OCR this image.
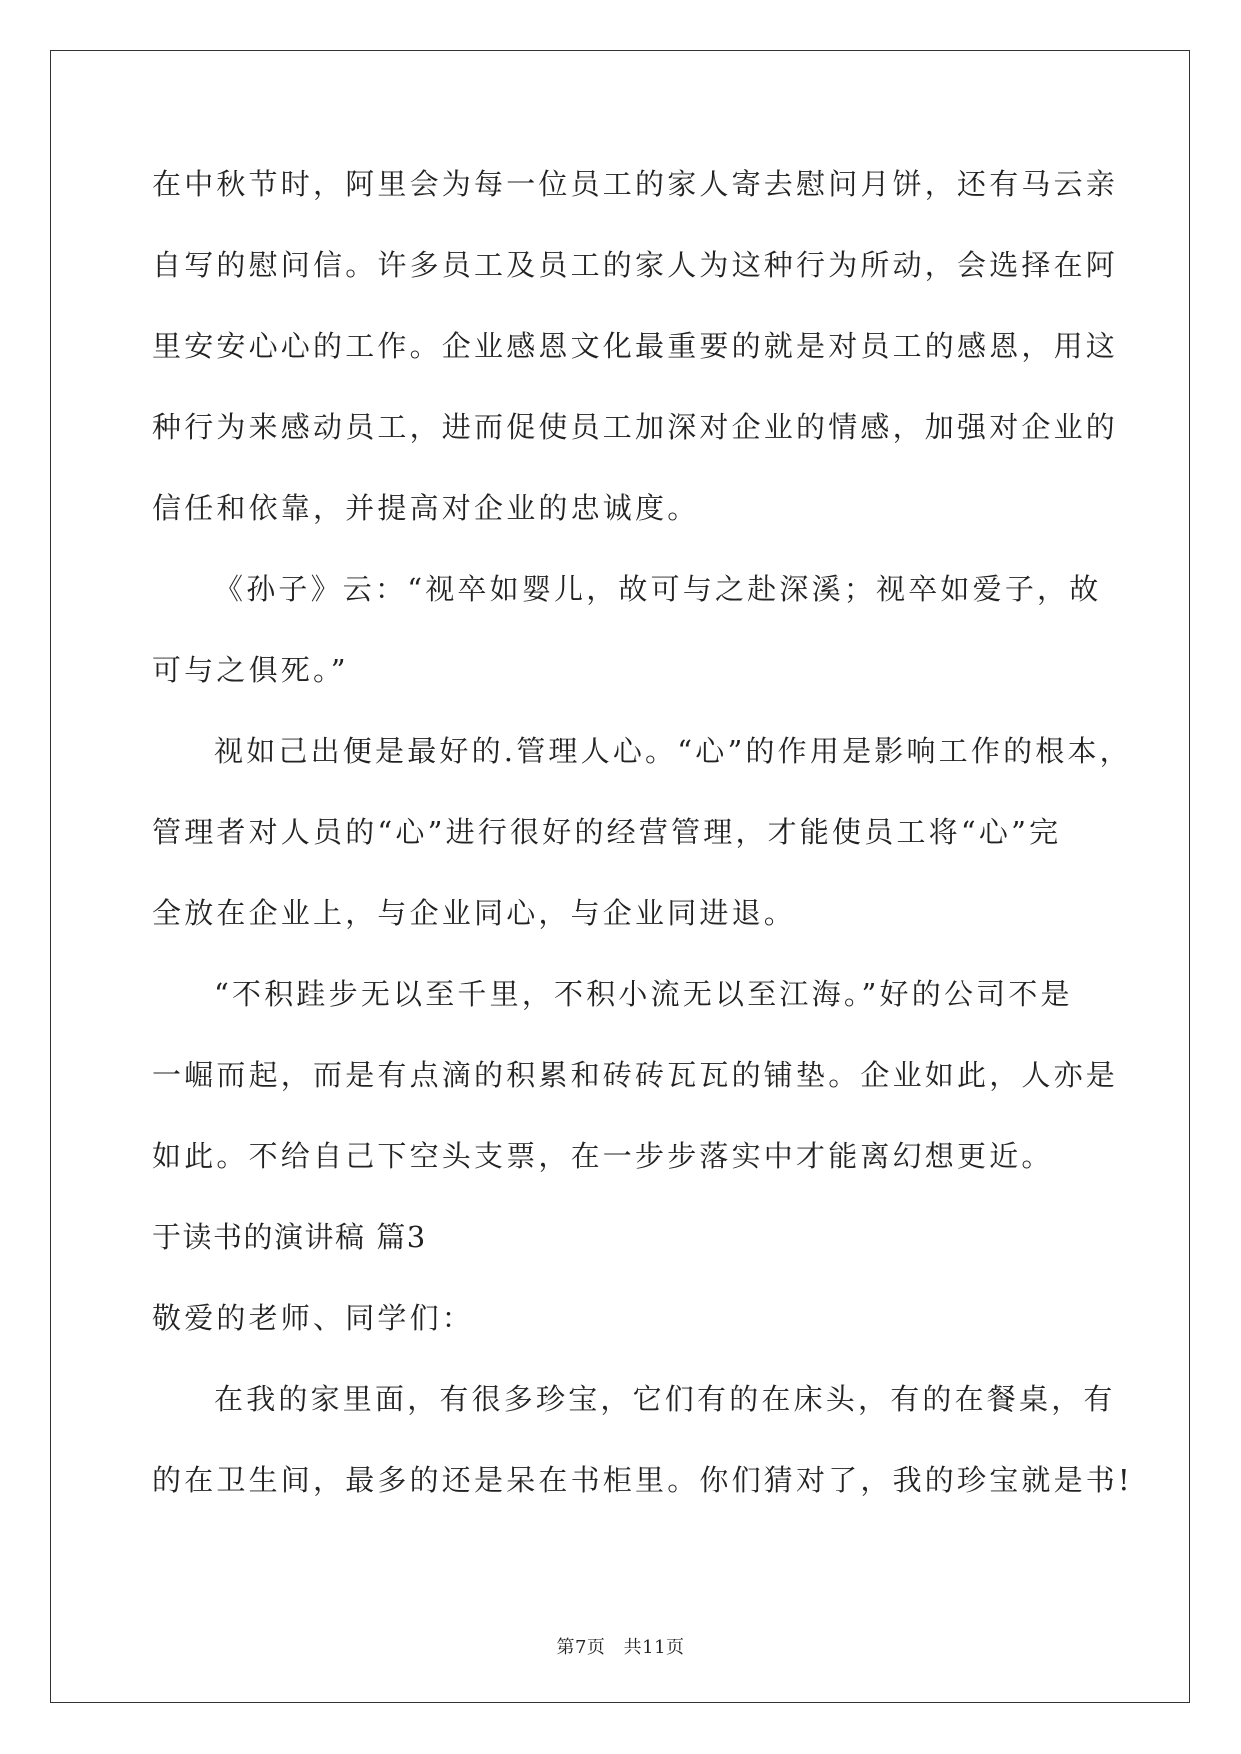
在中秋节时，阿里会为每一位员工的家人寄去慰问月饼，还有马云亲
自写的慰问信。许多员工及员工的家人为这种行为所动，会选择在阿
里安安心心的工作。企业感恩文化最重要的就是对员工的感恩，用这
种行为来感动员工，进而促使员工加深对企业的情感，加强对企业的
信任和依靠，并提高对企业的忠诚度。
《孙子》云：“视卒如婴儿，故可与之赴深溪；视卒如爱子，故
可与之俱死。”
视如己出便是最好的.管理人心。“心”的作用是影响工作的根本，
管理者对人员的“心”进行很好的经营管理，才能使员工将“心”完
全放在企业上，与企业同心，与企业同进退。
“不积跬步无以至千里，不积小流无以至江海。”好的公司不是
一崛而起，而是有点滴的积累和砖砖瓦瓦的铺垫。企业如此，人亦是
如此。不给自己下空头支票，在一步步落实中才能离幻想更近。
于读书的演讲稿 篇3
敬爱的老师、同学们：
在我的家里面，有很多珍宝，它们有的在床头，有的在餐桌，有
的在卫生间，最多的还是呆在书柜里。你们猜对了，我的珍宝就是书!
第7页 共11页
